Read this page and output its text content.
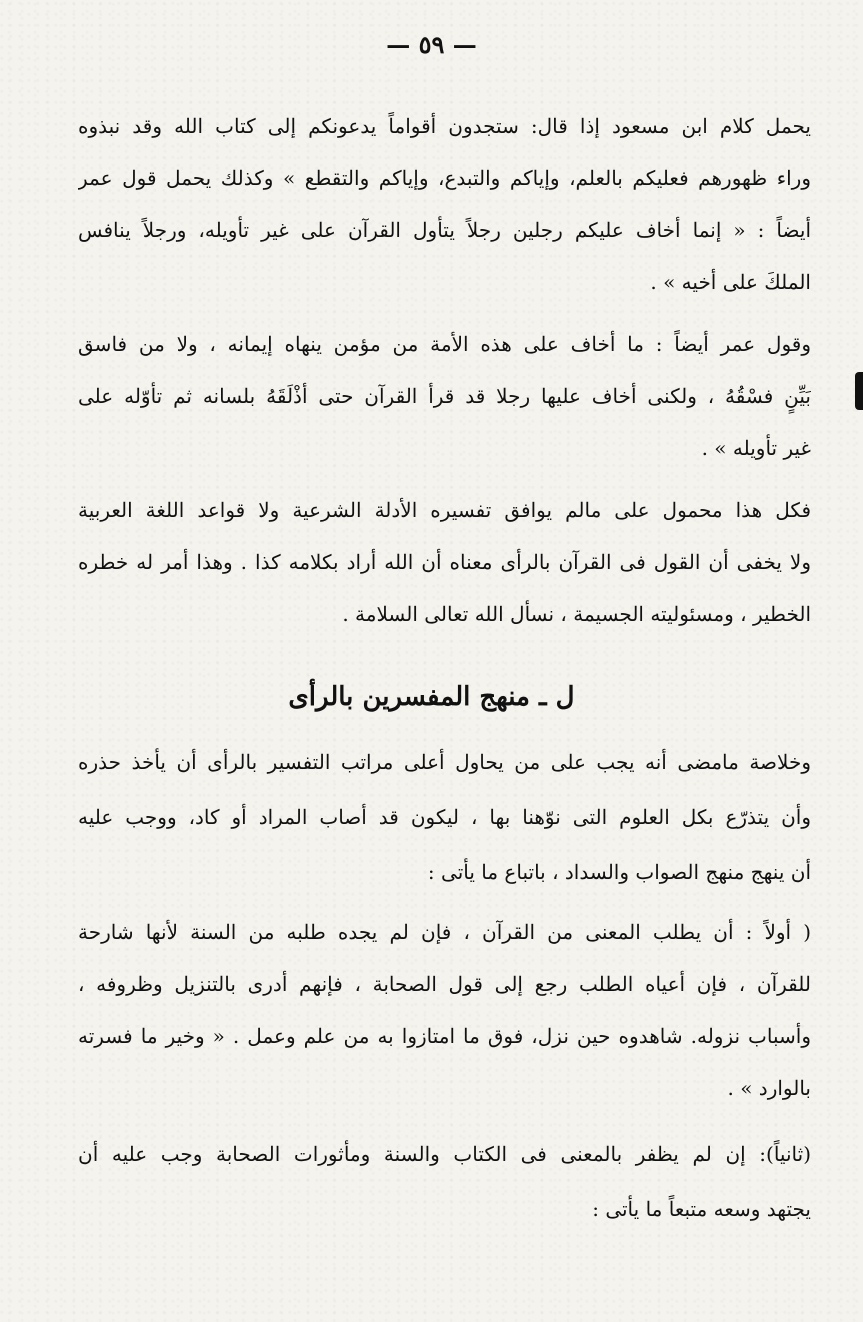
— ٥٩ —
يحمل كلام ابن مسعود إذا قال: ستجدون أقواماً يدعونكم إلى كتاب الله وقد نبذوه
وراء ظهورهم فعليكم بالعلم، وإياكم والتبدع، وإياكم والتقطع » وكذلك يحمل قول عمر
أيضاً : « إنما أخاف عليكم رجلين رجلاً يتأول القرآن على غير تأويله، ورجلاً ينافس
الملكَ على أخيه » .
وقول عمر أيضاً : ما أخاف على هذه الأمة من مؤمن ينهاه إيمانه ، ولا من فاسق
بَيِّنٍ فسْقُهُ ، ولكنى أخاف عليها رجلا قد قرأ القرآن حتى أذْلَقَهُ بلسانه ثم تأوّله على
غير تأويله » .
فكل هذا محمول على مالم يوافق تفسيره الأدلة الشرعية ولا قواعد اللغة العربية
ولا يخفى أن القول فى القرآن بالرأى معناه أن الله أراد بكلامه كذا . وهذا أمر له خطره
الخطير ، ومسئوليته الجسيمة ، نسأل الله تعالى السلامة .
ل ـ منهج المفسرين بالرأى
وخلاصة مامضى أنه يجب على من يحاول أعلى مراتب التفسير بالرأى أن يأخذ حذره
وأن يتذرّع بكل العلوم التى نوّهنا بها ، ليكون قد أصاب المراد أو كاد، ووجب عليه
أن ينهج منهج الصواب والسداد ، باتباع ما يأتى :
( أولاً : أن يطلب المعنى من القرآن ، فإن لم يجده طلبه من السنة لأنها شارحة
للقرآن ، فإن أعياه الطلب رجع إلى قول الصحابة ، فإنهم أدرى بالتنزيل وظروفه ،
وأسباب نزوله. شاهدوه حين نزل، فوق ما امتازوا به من علم وعمل . « وخير ما فسرته
بالوارد » .
(ثانياً): إن لم يظفر بالمعنى فى الكتاب والسنة ومأثورات الصحابة وجب عليه أن
يجتهد وسعه متبعاً ما يأتى :
